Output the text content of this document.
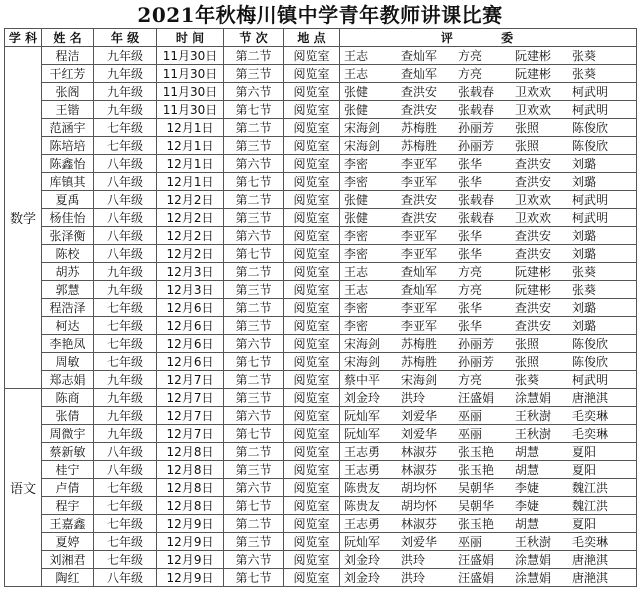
2021年秋梅川镇中学青年教师讲课比赛
学 科	姓 名	年 级	时 间	节 次	地 点	评 委
数学	程洁	九年级	11月30日	第二节	阅览室	王志 查灿军 方亮 阮建彬 张葵
	干红芳	九年级	11月30日	第三节	阅览室	王志 查灿军 方亮 阮建彬 张葵
	张阁	九年级	11月30日	第六节	阅览室	张健 查洪安 张载春 卫欢欢 柯武明
	王锴	九年级	11月30日	第七节	阅览室	张健 查洪安 张载春 卫欢欢 柯武明
	范涵宇	七年级	12月1日	第二节	阅览室	宋海剑 苏梅胜 孙丽芳 张照 陈俊欣
	陈培培	七年级	12月1日	第三节	阅览室	宋海剑 苏梅胜 孙丽芳 张照 陈俊欣
	陈鑫怡	八年级	12月1日	第六节	阅览室	李密 李亚军 张华 查洪安 刘璐
	库镇其	八年级	12月1日	第七节	阅览室	李密 李亚军 张华 查洪安 刘璐
	夏禹	八年级	12月2日	第二节	阅览室	张健 查洪安 张载春 卫欢欢 柯武明
	杨佳怡	八年级	12月2日	第三节	阅览室	张健 查洪安 张载春 卫欢欢 柯武明
	张泽衡	八年级	12月2日	第六节	阅览室	李密 李亚军 张华 查洪安 刘璐
	陈校	八年级	12月2日	第七节	阅览室	李密 李亚军 张华 查洪安 刘璐
	胡苏	九年级	12月3日	第二节	阅览室	王志 查灿军 方亮 阮建彬 张葵
	郭慧	九年级	12月3日	第三节	阅览室	王志 查灿军 方亮 阮建彬 张葵
	程浩泽	七年级	12月6日	第二节	阅览室	李密 李亚军 张华 查洪安 刘璐
	柯达	七年级	12月6日	第三节	阅览室	李密 李亚军 张华 查洪安 刘璐
	李艳凤	七年级	12月6日	第六节	阅览室	宋海剑 苏梅胜 孙丽芳 张照 陈俊欣
	周敏	七年级	12月6日	第七节	阅览室	宋海剑 苏梅胜 孙丽芳 张照 陈俊欣
	郑志娟	九年级	12月7日	第二节	阅览室	蔡中平 宋海剑 方亮 张葵 柯武明
语文	陈商	九年级	12月7日	第三节	阅览室	刘金玲 洪玲 汪盛娟 涂慧娟 唐滟淇
	张倩	九年级	12月7日	第六节	阅览室	阮灿军 刘爱华 巫丽 王秋澍 毛奕琳
	周微宇	九年级	12月7日	第七节	阅览室	阮灿军 刘爱华 巫丽 王秋澍 毛奕琳
	蔡新敏	八年级	12月8日	第二节	阅览室	王志勇 林淑芬 张玉艳 胡慧 夏阳
	桂宁	八年级	12月8日	第三节	阅览室	王志勇 林淑芬 张玉艳 胡慧 夏阳
	卢倩	七年级	12月8日	第六节	阅览室	陈贵友 胡均怀 吴朝华 李婕 魏江洪
	程宇	七年级	12月8日	第七节	阅览室	陈贵友 胡均怀 吴朝华 李婕 魏江洪
	王嘉鑫	七年级	12月9日	第二节	阅览室	王志勇 林淑芬 张玉艳 胡慧 夏阳
	夏婷	七年级	12月9日	第三节	阅览室	阮灿军 刘爱华 巫丽 王秋澍 毛奕琳
	刘湘君	七年级	12月9日	第六节	阅览室	刘金玲 洪玲 汪盛娟 涂慧娟 唐滟淇
	陶红	八年级	12月9日	第七节	阅览室	刘金玲 洪玲 汪盛娟 涂慧娟 唐滟淇
